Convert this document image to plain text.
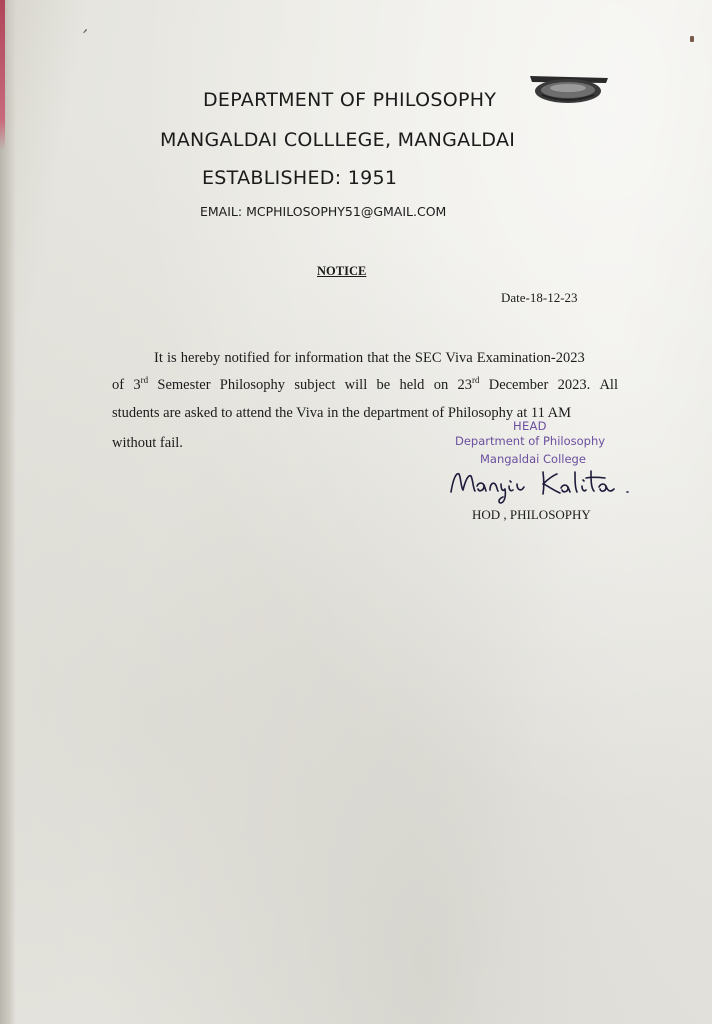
DEPARTMENT OF PHILOSOPHY
MANGALDAI COLLLEGE, MANGALDAI
ESTABLISHED: 1951
EMAIL: MCPHILOSOPHY51@GMAIL.COM
NOTICE
Date-18-12-23
It is hereby notified for information that the SEC Viva Examination-2023
of 3rd Semester Philosophy subject will be held on 23rd December 2023. All
students are asked to attend the Viva in the department of Philosophy at 11 AM
without fail.
HEAD
Department of Philosophy
Mangaldai College
HOD , PHILOSOPHY
